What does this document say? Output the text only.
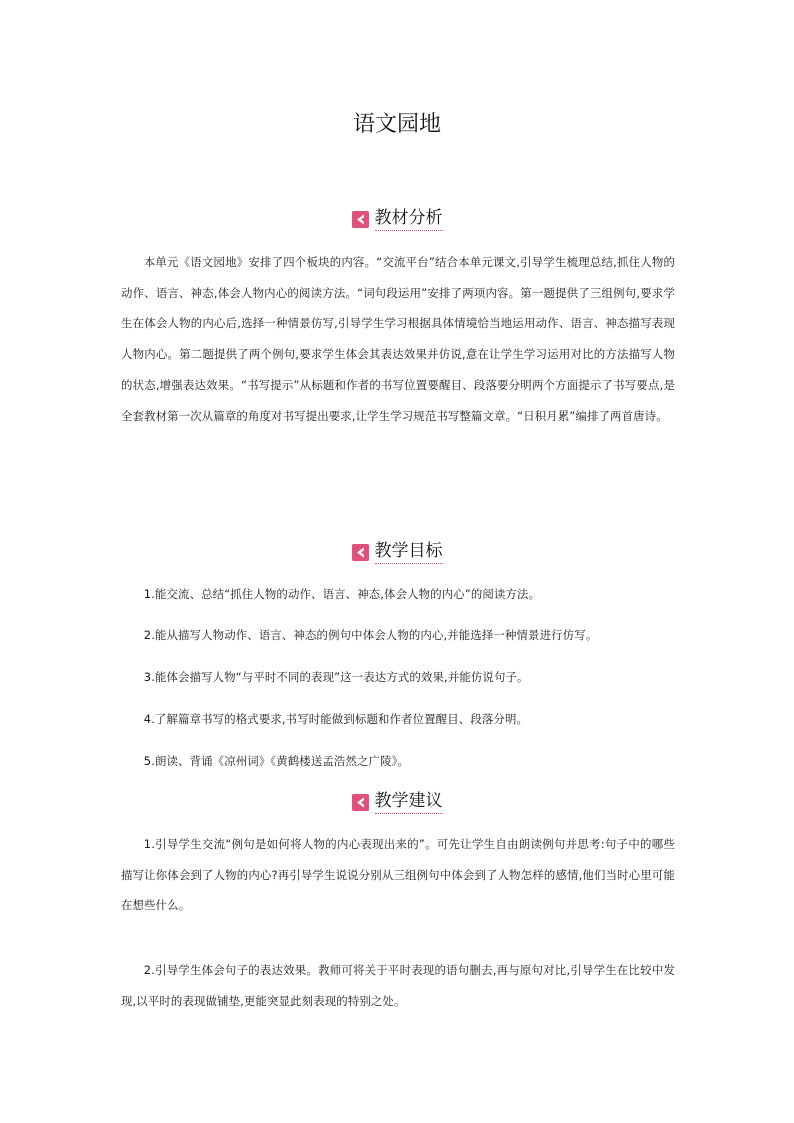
语文园地
教材分析

本单元《语文园地》安排了四个板块的内容。“交流平台”结合本单元课文,引导学生梳理总结,抓住人物的动作、语言、神态,体会人物内心的阅读方法。“词句段运用”安排了两项内容。第一题提供了三组例句,要求学生在体会人物的内心后,选择一种情景仿写,引导学生学习根据具体情境恰当地运用动作、语言、神态描写表现人物内心。第二题提供了两个例句,要求学生体会其表达效果并仿说,意在让学生学习运用对比的方法描写人物的状态,增强表达效果。“书写提示”从标题和作者的书写位置要醒目、段落要分明两个方面提示了书写要点,是全套教材第一次从篇章的角度对书写提出要求,让学生学习规范书写整篇文章。“日积月累”编排了两首唐诗。

教学目标

1.能交流、总结“抓住人物的动作、语言、神态,体会人物的内心”的阅读方法。

2.能从描写人物动作、语言、神态的例句中体会人物的内心,并能选择一种情景进行仿写。

3.能体会描写人物“与平时不同的表现”这一表达方式的效果,并能仿说句子。

4.了解篇章书写的格式要求,书写时能做到标题和作者位置醒目、段落分明。

5.朗读、背诵《凉州词》《黄鹤楼送孟浩然之广陵》。

教学建议

1.引导学生交流“例句是如何将人物的内心表现出来的”。可先让学生自由朗读例句并思考:句子中的哪些描写让你体会到了人物的内心?再引导学生说说分别从三组例句中体会到了人物怎样的感情,他们当时心里可能在想些什么。

2.引导学生体会句子的表达效果。教师可将关于平时表现的语句删去,再与原句对比,引导学生在比较中发现,以平时的表现做铺垫,更能突显此刻表现的特别之处。
